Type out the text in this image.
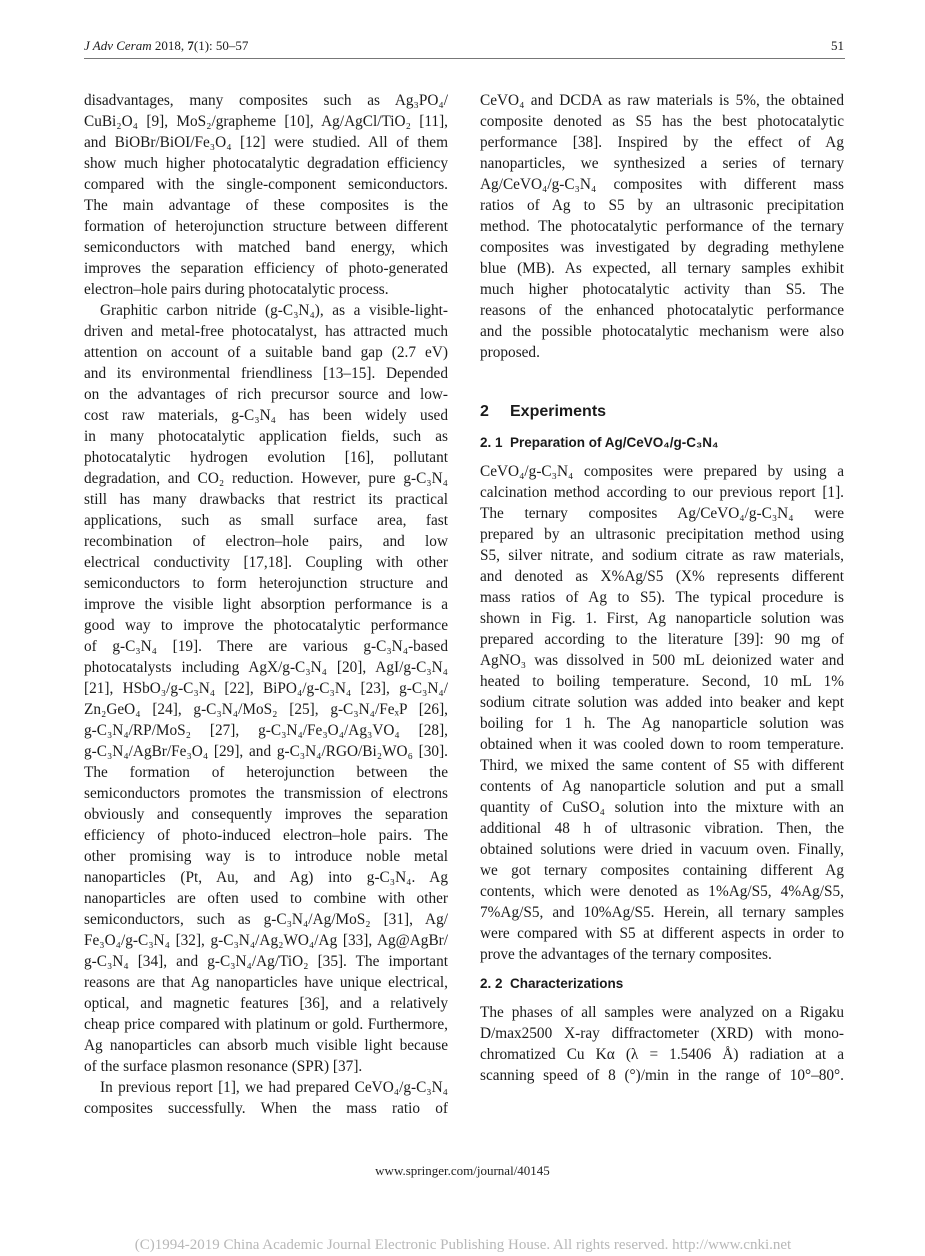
J Adv Ceram 2018, 7(1): 50–57	51
disadvantages, many composites such as Ag₃PO₄/
CuBi₂O₄ [9], MoS₂/grapheme [10], Ag/AgCl/TiO₂ [11],
and BiOBr/BiOI/Fe₃O₄ [12] were studied. All of them
show much higher photocatalytic degradation efficiency
compared with the single-component semiconductors.
The main advantage of these composites is the
formation of heterojunction structure between different
semiconductors with matched band energy, which
improves the separation efficiency of photo-generated
electron–hole pairs during photocatalytic process.
Graphitic carbon nitride (g-C₃N₄), as a visible-light-
driven and metal-free photocatalyst, has attracted much
attention on account of a suitable band gap (2.7 eV)
and its environmental friendliness [13–15]. Depended
on the advantages of rich precursor source and low-
cost raw materials, g-C₃N₄ has been widely used
in many photocatalytic application fields, such as
photocatalytic hydrogen evolution [16], pollutant
degradation, and CO₂ reduction. However, pure g-C₃N₄
still has many drawbacks that restrict its practical
applications, such as small surface area, fast
recombination of electron–hole pairs, and low
electrical conductivity [17,18]. Coupling with other
semiconductors to form heterojunction structure and
improve the visible light absorption performance is a
good way to improve the photocatalytic performance
of g-C₃N₄ [19]. There are various g-C₃N₄-based
photocatalysts including AgX/g-C₃N₄ [20], AgI/g-C₃N₄
[21], HSbO₃/g-C₃N₄ [22], BiPO₄/g-C₃N₄ [23], g-C₃N₄/
Zn₂GeO₄ [24], g-C₃N₄/MoS₂ [25], g-C₃N₄/FeₓP [26],
g-C₃N₄/RP/MoS₂ [27], g-C₃N₄/Fe₃O₄/Ag₃VO₄ [28],
g-C₃N₄/AgBr/Fe₃O₄ [29], and g-C₃N₄/RGO/Bi₂WO₆ [30].
The formation of heterojunction between the
semiconductors promotes the transmission of electrons
obviously and consequently improves the separation
efficiency of photo-induced electron–hole pairs. The
other promising way is to introduce noble metal
nanoparticles (Pt, Au, and Ag) into g-C₃N₄. Ag
nanoparticles are often used to combine with other
semiconductors, such as g-C₃N₄/Ag/MoS₂ [31], Ag/
Fe₃O₄/g-C₃N₄ [32], g-C₃N₄/Ag₂WO₄/Ag [33], Ag@AgBr/
g-C₃N₄ [34], and g-C₃N₄/Ag/TiO₂ [35]. The important
reasons are that Ag nanoparticles have unique electrical,
optical, and magnetic features [36], and a relatively
cheap price compared with platinum or gold. Furthermore,
Ag nanoparticles can absorb much visible light because
of the surface plasmon resonance (SPR) [37].
In previous report [1], we had prepared CeVO₄/g-C₃N₄
composites successfully. When the mass ratio of
CeVO₄ and DCDA as raw materials is 5%, the obtained
composite denoted as S5 has the best photocatalytic
performance [38]. Inspired by the effect of Ag
nanoparticles, we synthesized a series of ternary
Ag/CeVO₄/g-C₃N₄ composites with different mass
ratios of Ag to S5 by an ultrasonic precipitation
method. The photocatalytic performance of the ternary
composites was investigated by degrading methylene
blue (MB). As expected, all ternary samples exhibit
much higher photocatalytic activity than S5. The
reasons of the enhanced photocatalytic performance
and the possible photocatalytic mechanism were also
proposed.
2 Experiments
2. 1 Preparation of Ag/CeVO₄/g-C₃N₄
CeVO₄/g-C₃N₄ composites were prepared by using a
calcination method according to our previous report [1].
The ternary composites Ag/CeVO₄/g-C₃N₄ were
prepared by an ultrasonic precipitation method using
S5, silver nitrate, and sodium citrate as raw materials,
and denoted as X%Ag/S5 (X% represents different
mass ratios of Ag to S5). The typical procedure is
shown in Fig. 1. First, Ag nanoparticle solution was
prepared according to the literature [39]: 90 mg of
AgNO₃ was dissolved in 500 mL deionized water and
heated to boiling temperature. Second, 10 mL 1%
sodium citrate solution was added into beaker and kept
boiling for 1 h. The Ag nanoparticle solution was
obtained when it was cooled down to room temperature.
Third, we mixed the same content of S5 with different
contents of Ag nanoparticle solution and put a small
quantity of CuSO₄ solution into the mixture with an
additional 48 h of ultrasonic vibration. Then, the
obtained solutions were dried in vacuum oven. Finally,
we got ternary composites containing different Ag
contents, which were denoted as 1%Ag/S5, 4%Ag/S5,
7%Ag/S5, and 10%Ag/S5. Herein, all ternary samples
were compared with S5 at different aspects in order to
prove the advantages of the ternary composites.
2. 2 Characterizations
The phases of all samples were analyzed on a Rigaku
D/max2500 X-ray diffractometer (XRD) with mono-
chromatized Cu Kα (λ = 1.5406 Å) radiation at a
scanning speed of 8 (°)/min in the range of 10°–80°.
www.springer.com/journal/40145
(C)1994-2019 China Academic Journal Electronic Publishing House. All rights reserved. http://www.cnki.net
